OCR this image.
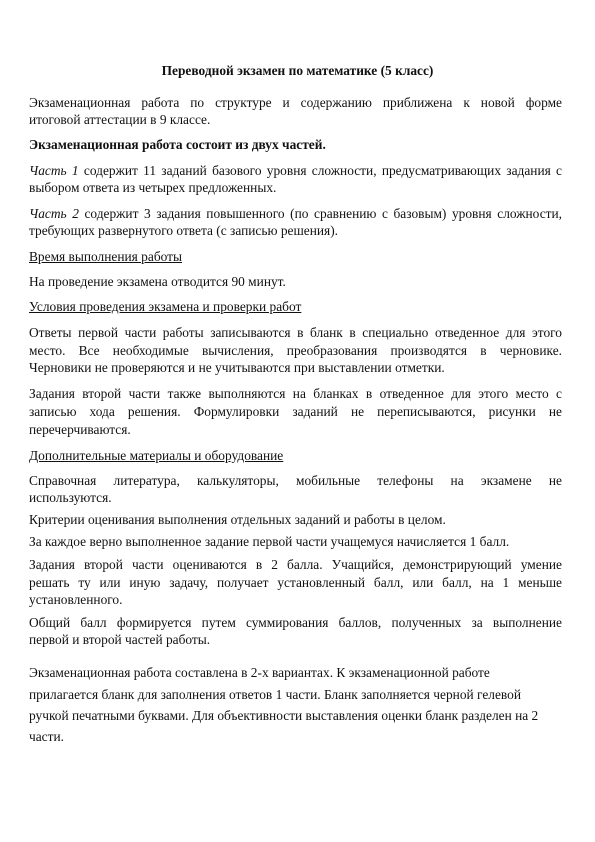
Переводной экзамен по математике (5 класс)

Экзаменационная работа по структуре и содержанию приближена к новой форме

итоговой аттестации в 9 классе.

Экзаменационная работа состоит из двух частей.

Часть 1 содержит 11 заданий базового уровня сложности, предусматривающих задания с

выбором ответа из четырех предложенных.

Часть 2 содержит 3 задания повышенного (по сравнению с базовым) уровня сложности,

требующих развернутого ответа (с записью решения).

Время выполнения работы

На проведение экзамена отводится 90 минут.

Условия проведения экзамена и проверки работ

Ответы первой части работы записываются в бланк в специально отведенное для этого

место. Все необходимые вычисления, преобразования производятся в черновике.

Черновики не проверяются и не учитываются при выставлении отметки.

Задания второй части также выполняются на бланках в отведенное для этого место с

записью хода решения. Формулировки заданий не переписываются, рисунки не

перечерчиваются.

Дополнительные материалы и оборудование

Справочная литература, калькуляторы, мобильные телефоны на экзамене не

используются.

Критерии оценивания выполнения отдельных заданий и работы в целом.

За каждое верно выполненное задание первой части учащемуся начисляется 1 балл.

Задания второй части оцениваются в 2 балла. Учащийся, демонстрирующий умение

решать ту или иную задачу, получает установленный балл, или балл, на 1 меньше

установленного.

Общий балл формируется путем суммирования баллов, полученных за выполнение

первой и второй частей работы.

Экзаменационная работа составлена в 2-х вариантах. К экзаменационной работе

прилагается бланк для заполнения ответов 1 части. Бланк заполняется черной гелевой

ручкой печатными буквами. Для объективности выставления оценки бланк разделен на 2

части.
